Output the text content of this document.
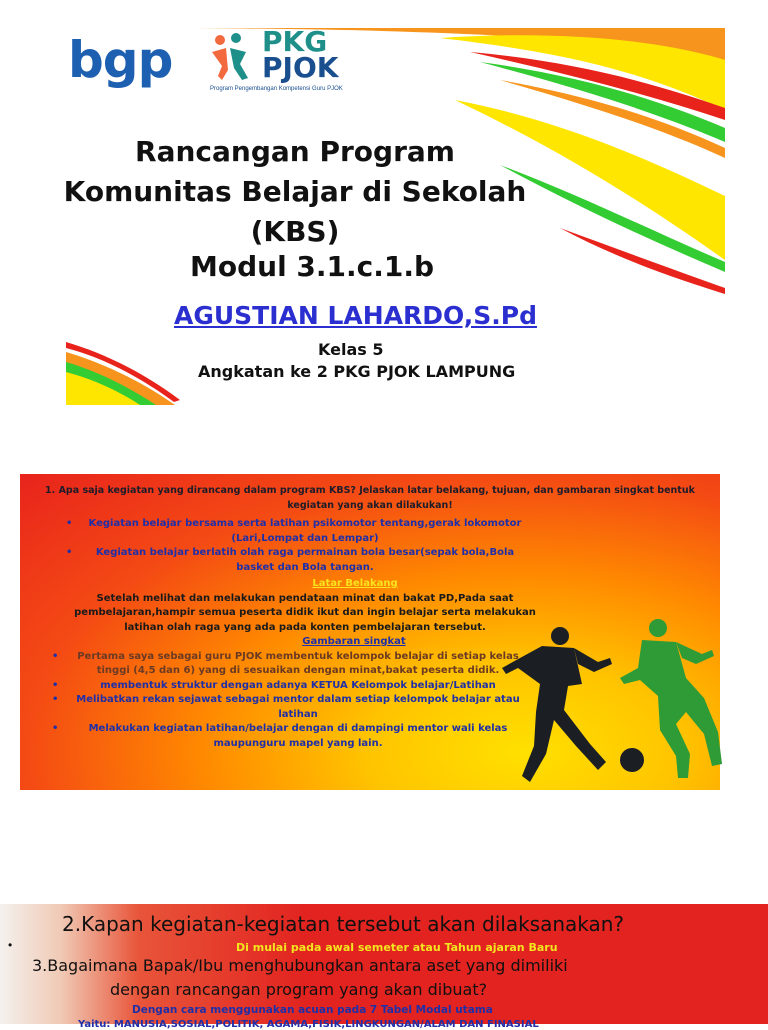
bgp	PKG
PJOK
Program Pengembangan Kompetensi Guru PJOK
Rancangan Program
Komunitas Belajar di Sekolah
(KBS)
Modul 3.1.c.1.b
AGUSTIAN LAHARDO,S.Pd
Kelas 5
Angkatan ke 2 PKG PJOK LAMPUNG
1. Apa saja kegiatan yang dirancang dalam program KBS? Jelaskan latar belakang, tujuan, dan gambaran singkat bentuk kegiatan yang akan dilakukan!
• Kegiatan belajar bersama serta latihan psikomotor tentang,gerak lokomotor (Lari,Lompat dan Lempar)
• Kegiatan belajar berlatih olah raga permainan bola besar(sepak bola,Bola basket dan Bola tangan.
Latar Belakang
Setelah melihat dan melakukan pendataan minat dan bakat PD,Pada saat pembelajaran,hampir semua peserta didik ikut dan ingin belajar serta melakukan latihan olah raga yang ada pada konten pembelajaran tersebut.
Gambaran singkat
• Pertama saya sebagai guru PJOK membentuk kelompok belajar di setiap kelas tinggi (4,5 dan 6) yang di sesuaikan dengan minat,bakat peserta didik.
• membentuk struktur dengan adanya KETUA Kelompok belajar/Latihan
• Melibatkan rekan sejawat sebagai mentor dalam setiap kelompok belajar atau latihan
• Melakukan kegiatan latihan/belajar dengan di dampingi mentor wali kelas maupunguru mapel yang lain.
2.Kapan kegiatan-kegiatan tersebut akan dilaksanakan?
•	Di mulai pada awal semeter atau Tahun ajaran Baru
3.Bagaimana Bapak/Ibu menghubungkan antara aset yang dimiliki
dengan rancangan program yang akan dibuat?
Dengan cara menggunakan acuan pada 7 Tabel Modal utama
Yaitu: MANUSIA,SOSIAL,POLITIK, AGAMA,FISIK,LINGKUNGAN/ALAM DAN FINASIAL
